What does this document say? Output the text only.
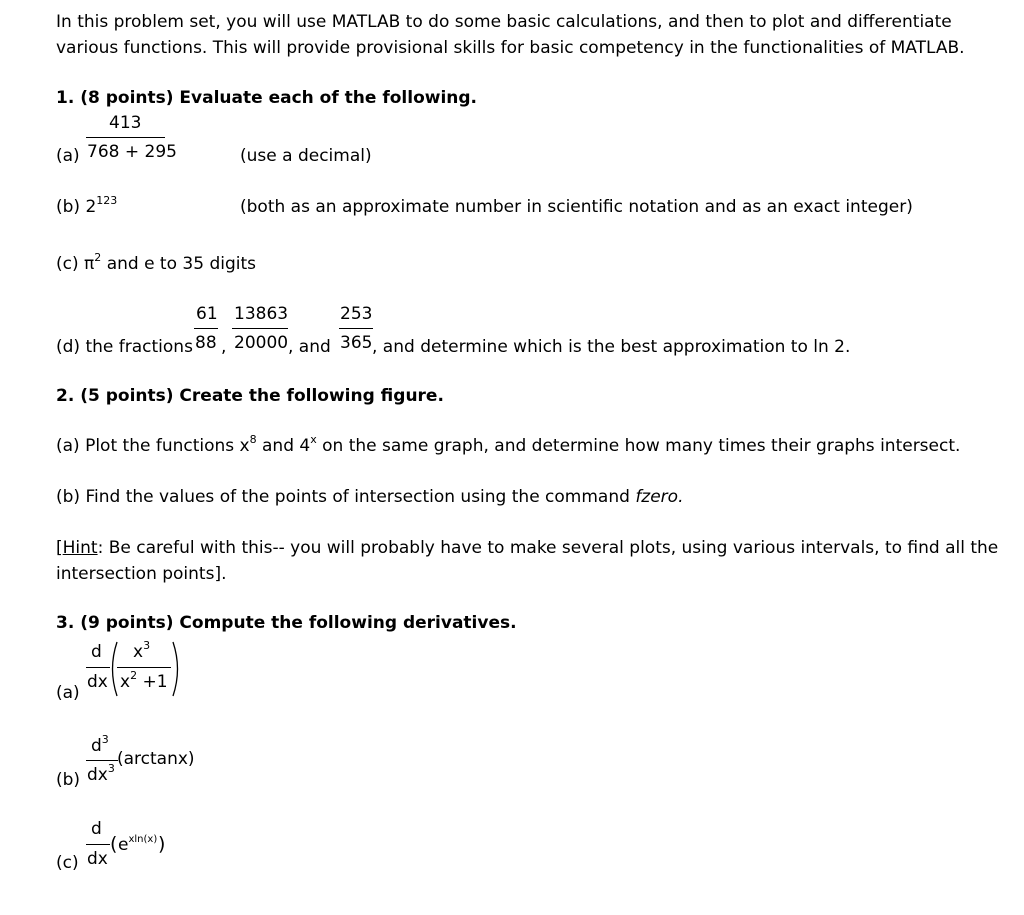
In this problem set, you will use MATLAB to do some basic calculations, and then to plot and differentiate
various functions. This will provide provisional skills for basic competency in the functionalities of MATLAB.
1. (8 points) Evaluate each of the following.
(a)
413
768 + 295	(use a decimal)
(b) $2^{123}$	(both as an approximate number in scientific notation and as an exact integer)
(c) $\pi^2$ and e to 35 digits
(d) the fractions
61
88 ,
13863
20000 , and
253
365 , and determine which is the best approximation to ln 2.
2. (5 points) Create the following figure.
(a) Plot the functions $x^8$ and 4$^x$ on the same graph, and determine how many times their graphs intersect.
(b) Find the values of the points of intersection using the command fzero.
[Hint: Be careful with this-- you will probably have to make several plots, using various intervals, to find all the
intersection points].
3. (9 points) Compute the following derivatives.
(a)
d
dx
$x^3$
$x^2 +1$
(b)
$d^3$
$dx^3$ (arctanx)
(c)
d
dx
( $e^{xln(x)}$ )
